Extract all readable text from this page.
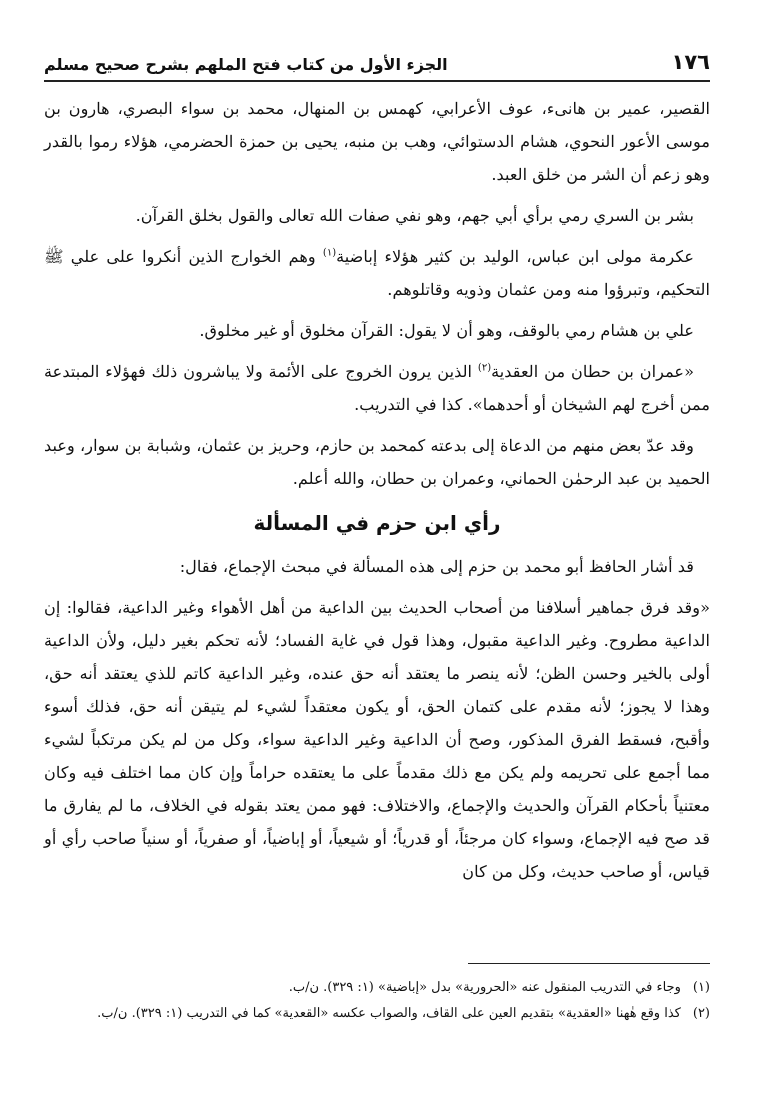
١٧٦
الجزء الأول من كتاب فتح الملهم بشرح صحيح مسلم

القصير، عمير بن هانىء، عوف الأعرابي، كهمس بن المنهال، محمد بن سواء البصري، هارون بن موسى الأعور النحوي، هشام الدستوائي، وهب بن منبه، يحيى بن حمزة الحضرمي، هؤلاء رموا بالقدر وهو زعم أن الشر من خلق العبد.

بشر بن السري رمي برأي أبي جهم، وهو نفي صفات الله تعالى والقول بخلق القرآن.

عكرمة مولى ابن عباس، الوليد بن كثير هؤلاء إباضية$^{(١)}$ وهم الخوارج الذين أنكروا على علي ﷺ التحكيم، وتبرؤوا منه ومن عثمان وذويه وقاتلوهم.

علي بن هشام رمي بالوقف، وهو أن لا يقول: القرآن مخلوق أو غير مخلوق.

«عمران بن حطان من العقدية$^{(٢)}$ الذين يرون الخروج على الأئمة ولا يباشرون ذلك فهؤلاء المبتدعة ممن أخرج لهم الشيخان أو أحدهما». كذا في التدريب.

وقد عدّ بعض منهم من الدعاة إلى بدعته كمحمد بن حازم، وحريز بن عثمان، وشبابة بن سوار، وعبد الحميد بن عبد الرحمٰن الحماني، وعمران بن حطان، والله أعلم.

رأي ابن حزم في المسألة

قد أشار الحافظ أبو محمد بن حزم إلى هذه المسألة في مبحث الإجماع، فقال:

«وقد فرق جماهير أسلافنا من أصحاب الحديث بين الداعية من أهل الأهواء وغير الداعية، فقالوا: إن الداعية مطروح. وغير الداعية مقبول، وهذا قول في غاية الفساد؛ لأنه تحكم بغير دليل، ولأن الداعية أولى بالخير وحسن الظن؛ لأنه ينصر ما يعتقد أنه حق عنده، وغير الداعية كاتم للذي يعتقد أنه حق، وهذا لا يجوز؛ لأنه مقدم على كتمان الحق، أو يكون معتقداً لشيء لم يتيقن أنه حق، فذلك أسوء وأقبح، فسقط الفرق المذكور، وصح أن الداعية وغير الداعية سواء، وكل من لم يكن مرتكباً لشيء مما أجمع على تحريمه ولم يكن مع ذلك مقدماً على ما يعتقده حراماً وإن كان مما اختلف فيه وكان معتنياً بأحكام القرآن والحديث والإجماع، والاختلاف: فهو ممن يعتد بقوله في الخلاف، ما لم يفارق ما قد صح فيه الإجماع، وسواء كان مرجئاً، أو قدرياً؛ أو شيعياً، أو إباضياً، أو صفرياً، أو سنياً صاحب رأي أو قياس، أو صاحب حديث، وكل من كان

(١)
وجاء في التدريب المنقول عنه «الحرورية» بدل «إباضية» (١: ٣٢٩). ن/ب.
(٢)
كذا وقع هٰهنا «العقدية» بتقديم العين على القاف، والصواب عكسه «القعدية» كما في التدريب (١: ٣٢٩). ن/ب.
